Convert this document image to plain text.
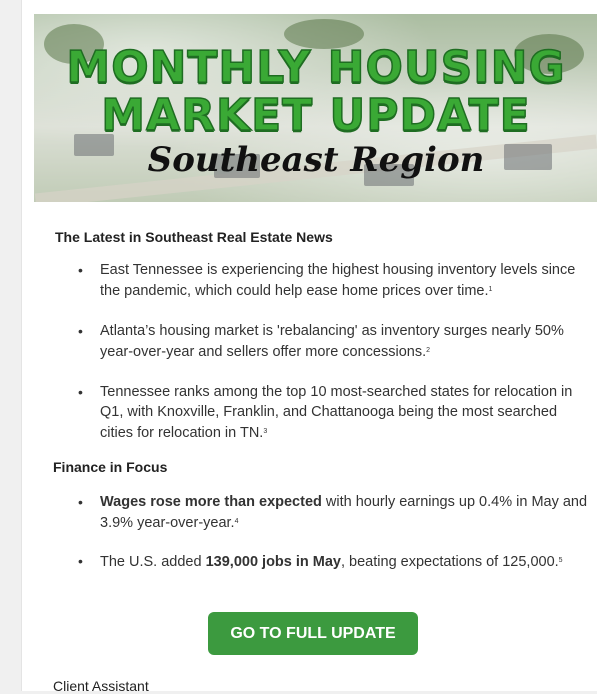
MONTHLY HOUSING
MARKET UPDATE
Southeast Region
The Latest in Southeast Real Estate News
• East Tennessee is experiencing the highest housing inventory levels since the pandemic, which could help ease home prices over time.$^1$
• Atlanta’s housing market is 'rebalancing' as inventory surges nearly 50% year-over-year and sellers offer more concessions.$^2$
• Tennessee ranks among the top 10 most-searched states for relocation in Q1, with Knoxville, Franklin, and Chattanooga being the most searched cities for relocation in TN.$^3$
Finance in Focus
• Wages rose more than expected with hourly earnings up 0.4% in May and 3.9% year-over-year.$^4$
• The U.S. added 139,000 jobs in May, beating expectations of 125,000.$^5$
GO TO FULL UPDATE
Client Assistant
